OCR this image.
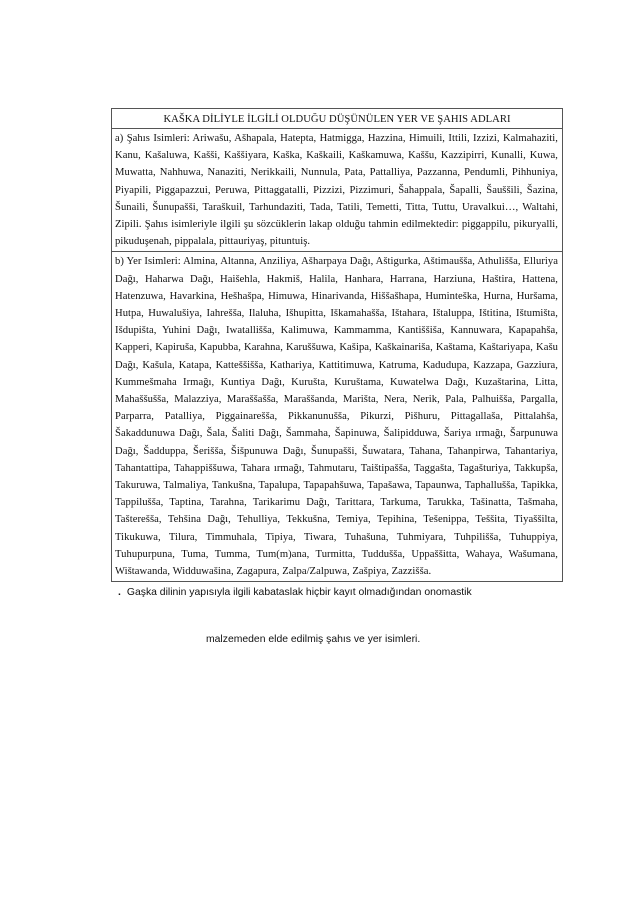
KAŠKA DİLİYLE İLGİLİ OLDUĞU DÜŞÜNÜLEN YER VE ŞAHIS ADLARI
a) Şahıs Isimleri: Ariwašu, Ašhapala, Hatepta, Hatmigga, Hazzina, Himuili, Ittili, Izzizi, Kalmahaziti, Kanu, Kašaluwa, Kašši, Kaššiyara, Kaška, Kaškaili, Kaškamuwa, Kaššu, Kazzipirri, Kunalli, Kuwa, Muwatta, Nahhuwa, Nanaziti, Nerikkaili, Nunnula, Pata, Pattalliya, Pazzanna, Pendumli, Pihhuniya, Piyapili, Piggapazzui, Peruwa, Pittaggatalli, Pizzizi, Pizzimuri, Šahappala, Šapalli, Šauššili, Šazina, Šunaili, Šunupašši, Taraškuil, Tarhundaziti, Tada, Tatili, Temetti, Titta, Tuttu, Uravalkui…, Waltahi, Zipili. Şahıs isimleriyle ilgili şu sözcüklerin lakap olduğu tahmin edilmektedir: piggappilu, pikuryalli, pikuduşenah, pippalala, pittauriyaş, pituntuiş.
b) Yer Isimleri: Almina, Altanna, Anziliya, Ašharpaya Dağı, Aštigurka, Aštimaušša, Athulišša, Elluriya Dağı, Haharwa Dağı, Haišehla, Hakmiš, Halila, Hanhara, Harrana, Harziuna, Haštira, Hattena, Hatenzuwa, Havarkina, Hešhašpa, Himuwa, Hinarivanda, Hiššašhapa, Huminteška, Hurna, Huršama, Hutpa, Huwalušiya, Iahrešša, Ilaluha, Išhupitta, Iškamahašša, Ištahara, Ištaluppa, Ištitina, Ištumišta, Išdupišta, Yuhini Dağı, Iwatallišša, Kalimuwa, Kammamma, Kantiššiša, Kannuwara, Kapapahša, Kapperi, Kapiruša, Kapubba, Karahna, Karuššuwa, Kašipa, Kaškainariša, Kaštama, Kaštariyapa, Kašu Dağı, Kašula, Katapa, Katteššišša, Kathariya, Kattitimuwa, Katruma, Kadudupa, Kazzapa, Gazziura, Kummešmaha Irmağı, Kuntiya Dağı, Kurušta, Kuruštama, Kuwatelwa Dağı, Kuzaštarina, Litta, Mahaššušša, Malazziya, Maraššašša, Maraššanda, Marišta, Nera, Nerik, Pala, Palhuišša, Pargalla, Parparra, Patalliya, Piggainarešša, Pikkanunušša, Pikurzi, Pišhuru, Pittagallaša, Pittalahša, Šakaddunuwa Dağı, Šala, Šaliti Dağı, Šammaha, Šapinuwa, Šalipidduwa, Šariya ırmağı, Šarpunuwa Dağı, Šadduppa, Šerišša, Šišpunuwa Dağı, Šunupašši, Šuwatara, Tahana, Tahanpirwa, Tahantariya, Tahantattipa, Tahappiššuwa, Tahara ırmağı, Tahmutaru, Taištipašša, Taggašta, Tagašturiya, Takkupša, Takuruwa, Talmaliya, Tankušna, Tapalupa, Tapapahšuwa, Tapašawa, Tapaunwa, Taphallušša, Tapikka, Tappilušša, Taptina, Tarahna, Tarikarimu Dağı, Tarittara, Tarkuma, Tarukka, Tašinatta, Tašmaha, Tašterešša, Tehšina Dağı, Tehulliya, Tekkušna, Temiya, Tepihina, Tešenippa, Teššita, Tiyaššilta, Tikukuwa, Tilura, Timmuhala, Tipiya, Tiwara, Tuhašuna, Tuhmiyara, Tuhpilišša, Tuhuppiya, Tuhupurpuna, Tuma, Tumma, Tum(m)ana, Turmitta, Tuddušša, Uppaššitta, Wahaya, Wašumana, Wištawanda, Widduwašina, Zagapura, Zalpa/Zalpuwa, Zašpiya, Zazzišša.
. Gaşka dilinin yapısıyla ilgili kabataslak hiçbir kayıt olmadığından onomastik
malzemeden elde edilmiş şahıs ve yer isimleri.
